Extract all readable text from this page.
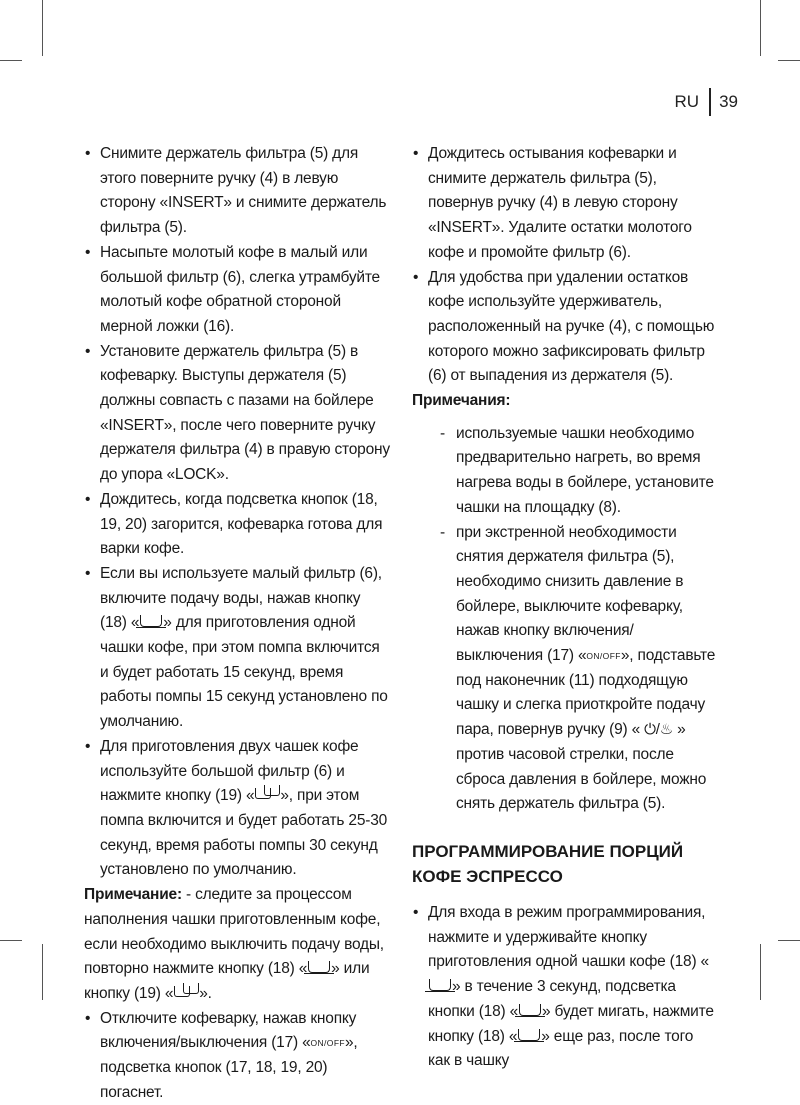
RU 39
• Снимите держатель фильтра (5) для этого поверните ручку (4) в левую сторону «INSERT» и снимите держатель фильтра (5).
• Насыпьте молотый кофе в малый или большой фильтр (6), слегка утрамбуйте молотый кофе обратной стороной мерной ложки (16).
• Установите держатель фильтра (5) в кофеварку. Выступы держателя (5) должны совпасть с пазами на бойлере «INSERT», после чего поверните ручку держателя фильтра (4) в правую сторону до упора «LOCK».
• Дождитесь, когда подсветка кнопок (18, 19, 20) загорится, кофеварка готова для варки кофе.
• Если вы используете малый фильтр (6), включите подачу воды, нажав кнопку (18) « » для приготовления одной чашки кофе, при этом помпа включится и будет работать 15 секунд, время работы помпы 15 секунд установлено по умолчанию.
• Для приготовления двух чашек кофе используйте большой фильтр (6) и нажмите кнопку (19) « », при этом помпа включится и будет работать 25-30 секунд, время работы помпы 30 секунд установлено по умолчанию.

Примечание: - следите за процессом наполнения чашки приготовленным кофе, если необходимо выключить подачу воды, повторно нажмите кнопку (18) « » или кнопку (19) « ».

• Отключите кофеварку, нажав кнопку включения/выключения (17) «ON/OFF», подсветка кнопок (17, 18, 19, 20) погаснет.
• Дождитесь остывания кофеварки и снимите держатель фильтра (5), повернув ручку (4) в левую сторону «INSERT». Удалите остатки молотого кофе и промойте фильтр (6).
• Для удобства при удалении остатков кофе используйте удерживатель, расположенный на ручке (4), с помощью которого можно зафиксировать фильтр (6) от выпадения из держателя (5).
Примечания:
- используемые чашки необходимо предварительно нагреть, во время нагрева воды в бойлере, установите чашки на площадку (8).
- при экстренной необходимости снятия держателя фильтра (5), необходимо снизить давление в бойлере, выключите кофеварку, нажав кнопку включения/выключения (17) «ON/OFF», подставьте под наконечник (11) подходящую чашку и слегка приоткройте подачу пара, повернув ручку (9) « ⏻/♨ » против часовой стрелки, после сброса давления в бойлере, можно снять держатель фильтра (5).
ПРОГРАММИРОВАНИЕ ПОРЦИЙ КОФЕ ЭСПРЕССО
• Для входа в режим программирования, нажмите и удерживайте кнопку приготовления одной чашки кофе (18) «» в течение 3 секунд, подсветка кнопки (18) « » будет мигать, нажмите кнопку (18) « » еще раз, после того как в чашку
